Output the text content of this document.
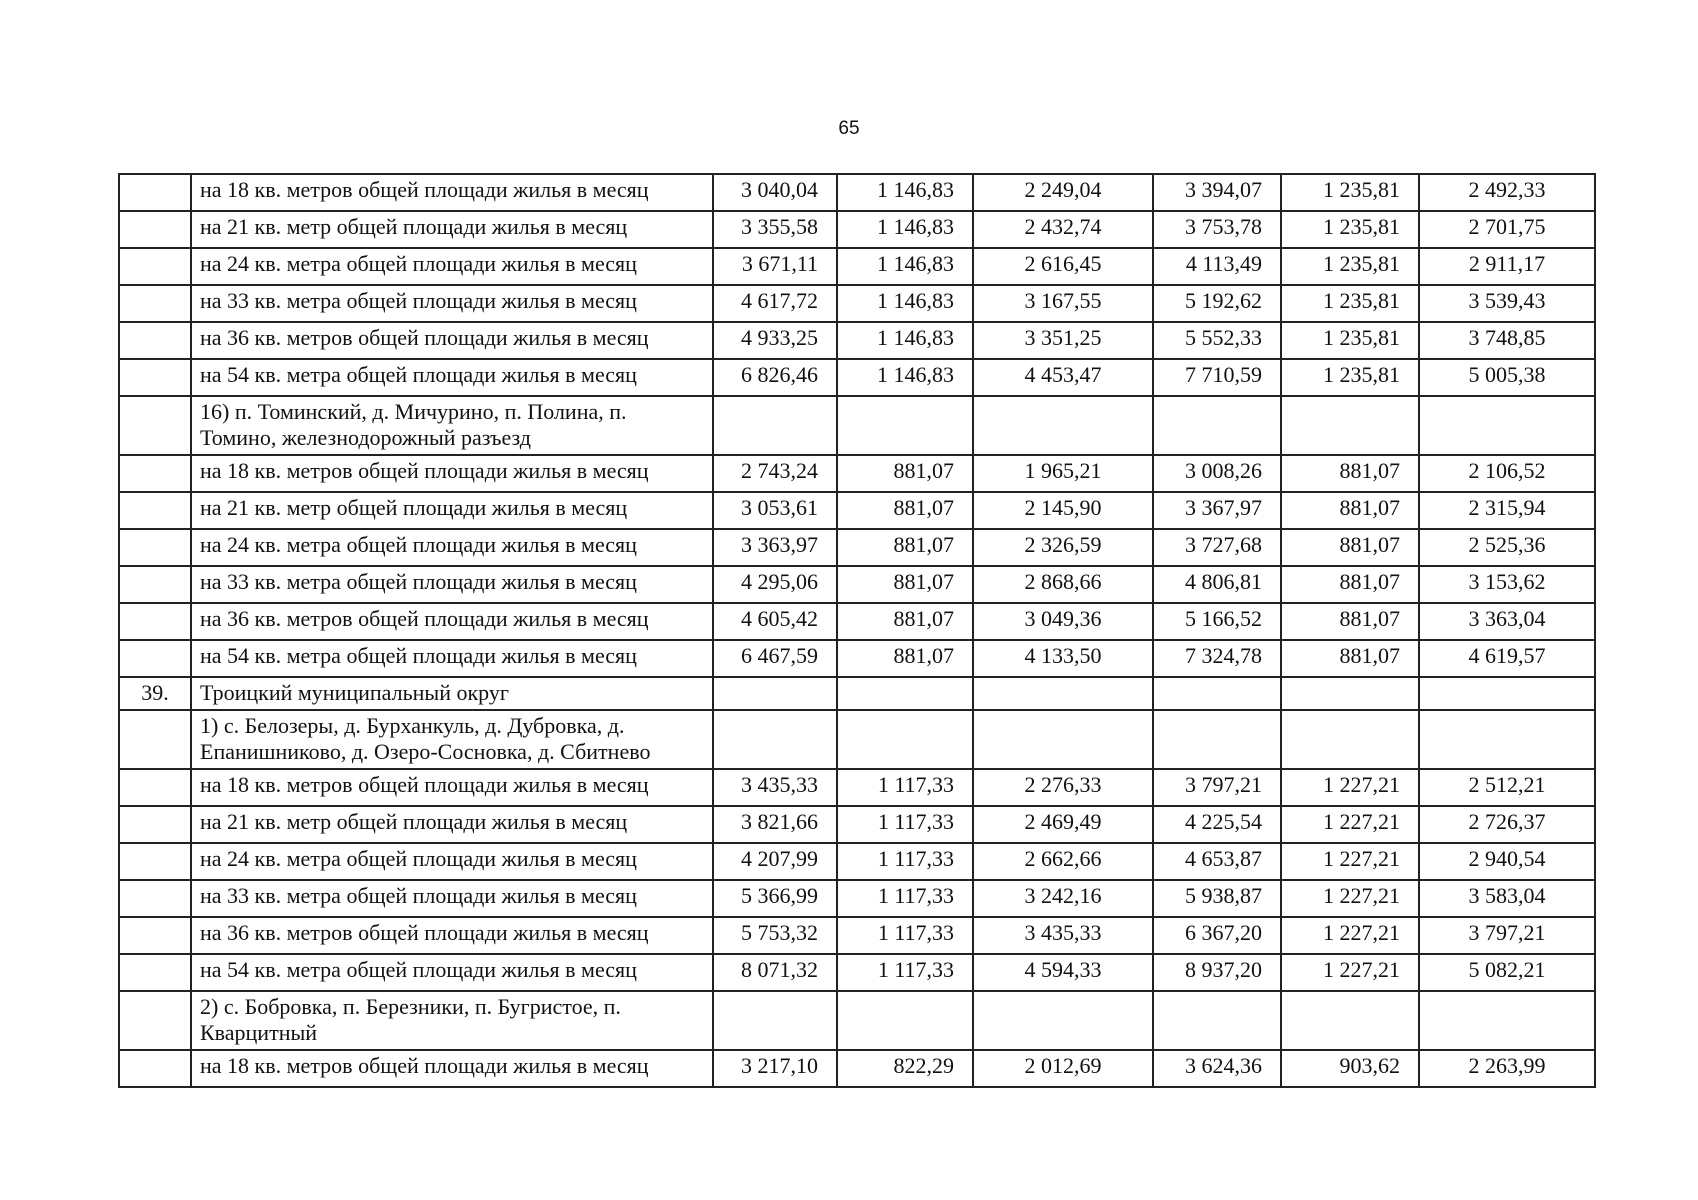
65
	на 18 кв. метров общей площади жилья в месяц	3 040,04	1 146,83	2 249,04	3 394,07	1 235,81	2 492,33
	на 21 кв. метр общей площади жилья в месяц	3 355,58	1 146,83	2 432,74	3 753,78	1 235,81	2 701,75
	на 24 кв. метра общей площади жилья в месяц	3 671,11	1 146,83	2 616,45	4 113,49	1 235,81	2 911,17
	на 33 кв. метра общей площади жилья в месяц	4 617,72	1 146,83	3 167,55	5 192,62	1 235,81	3 539,43
	на 36 кв. метров общей площади жилья в месяц	4 933,25	1 146,83	3 351,25	5 552,33	1 235,81	3 748,85
	на 54 кв. метра общей площади жилья в месяц	6 826,46	1 146,83	4 453,47	7 710,59	1 235,81	5 005,38
	16) п. Томинский, д. Мичурино, п. Полина, п. Томино, железнодорожный разъезд						
	на 18 кв. метров общей площади жилья в месяц	2 743,24	881,07	1 965,21	3 008,26	881,07	2 106,52
	на 21 кв. метр общей площади жилья в месяц	3 053,61	881,07	2 145,90	3 367,97	881,07	2 315,94
	на 24 кв. метра общей площади жилья в месяц	3 363,97	881,07	2 326,59	3 727,68	881,07	2 525,36
	на 33 кв. метра общей площади жилья в месяц	4 295,06	881,07	2 868,66	4 806,81	881,07	3 153,62
	на 36 кв. метров общей площади жилья в месяц	4 605,42	881,07	3 049,36	5 166,52	881,07	3 363,04
	на 54 кв. метра общей площади жилья в месяц	6 467,59	881,07	4 133,50	7 324,78	881,07	4 619,57
39.	Троицкий муниципальный округ						
	1) с. Белозеры, д. Бурханкуль, д. Дубровка, д. Епанишниково, д. Озеро-Сосновка, д. Сбитнево						
	на 18 кв. метров общей площади жилья в месяц	3 435,33	1 117,33	2 276,33	3 797,21	1 227,21	2 512,21
	на 21 кв. метр общей площади жилья в месяц	3 821,66	1 117,33	2 469,49	4 225,54	1 227,21	2 726,37
	на 24 кв. метра общей площади жилья в месяц	4 207,99	1 117,33	2 662,66	4 653,87	1 227,21	2 940,54
	на 33 кв. метра общей площади жилья в месяц	5 366,99	1 117,33	3 242,16	5 938,87	1 227,21	3 583,04
	на 36 кв. метров общей площади жилья в месяц	5 753,32	1 117,33	3 435,33	6 367,20	1 227,21	3 797,21
	на 54 кв. метра общей площади жилья в месяц	8 071,32	1 117,33	4 594,33	8 937,20	1 227,21	5 082,21
	2) с. Бобровка, п. Березники, п. Бугристое, п. Кварцитный						
	на 18 кв. метров общей площади жилья в месяц	3 217,10	822,29	2 012,69	3 624,36	903,62	2 263,99
